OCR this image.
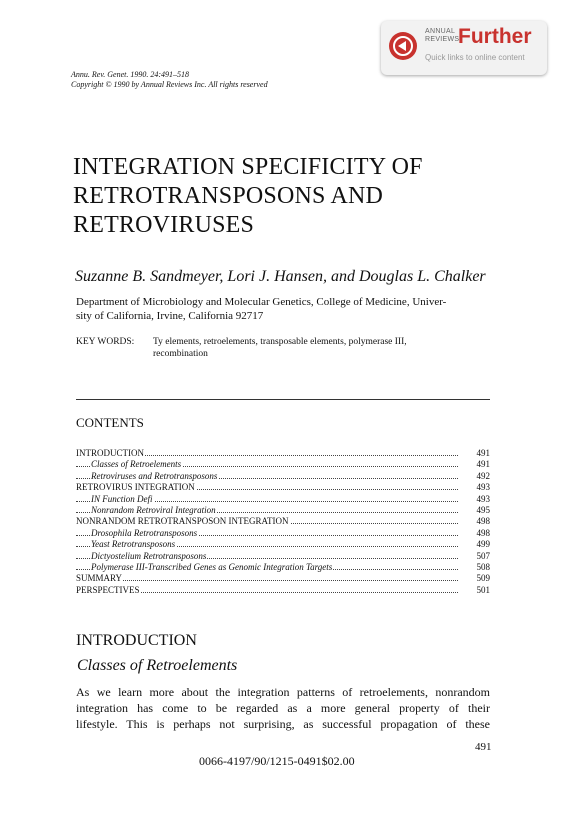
ANNUAL
REVIEWS
Further
Quick links to online content
Annu. Rev. Genet. 1990. 24:491–518
Copyright © 1990 by Annual Reviews Inc. All rights reserved
INTEGRATION SPECIFICITY OF
RETROTRANSPOSONS AND
RETROVIRUSES
Suzanne B. Sandmeyer, Lori J. Hansen, and Douglas L. Chalker
Department of Microbiology and Molecular Genetics, College of Medicine, Univer-
sity of California, Irvine, California 92717
KEY WORDS: Ty elements, retroelements, transposable elements, polymerase III,
recombination
CONTENTS
INTRODUCTION	491
Classes of Retroelements	491
Retroviruses and Retrotransposons	492
RETROVIRUS INTEGRATION	493
IN Function Defi	493
Nonrandom Retroviral Integration	495
NONRANDOM RETROTRANSPOSON INTEGRATION	498
Drosophila Retrotransposons	498
Yeast Retrotransposons	499
Dictyostelium Retrotransposons	507
Polymerase III-Transcribed Genes as Genomic Integration Targets	508
SUMMARY	509
PERSPECTIVES	501
INTRODUCTION
Classes of Retroelements
As we learn more about the integration patterns of retroelements, nonrandom
integration has come to be regarded as a more general property of their
lifestyle. This is perhaps not surprising, as successful propagation of these
491
0066-4197/90/1215-0491$02.00
